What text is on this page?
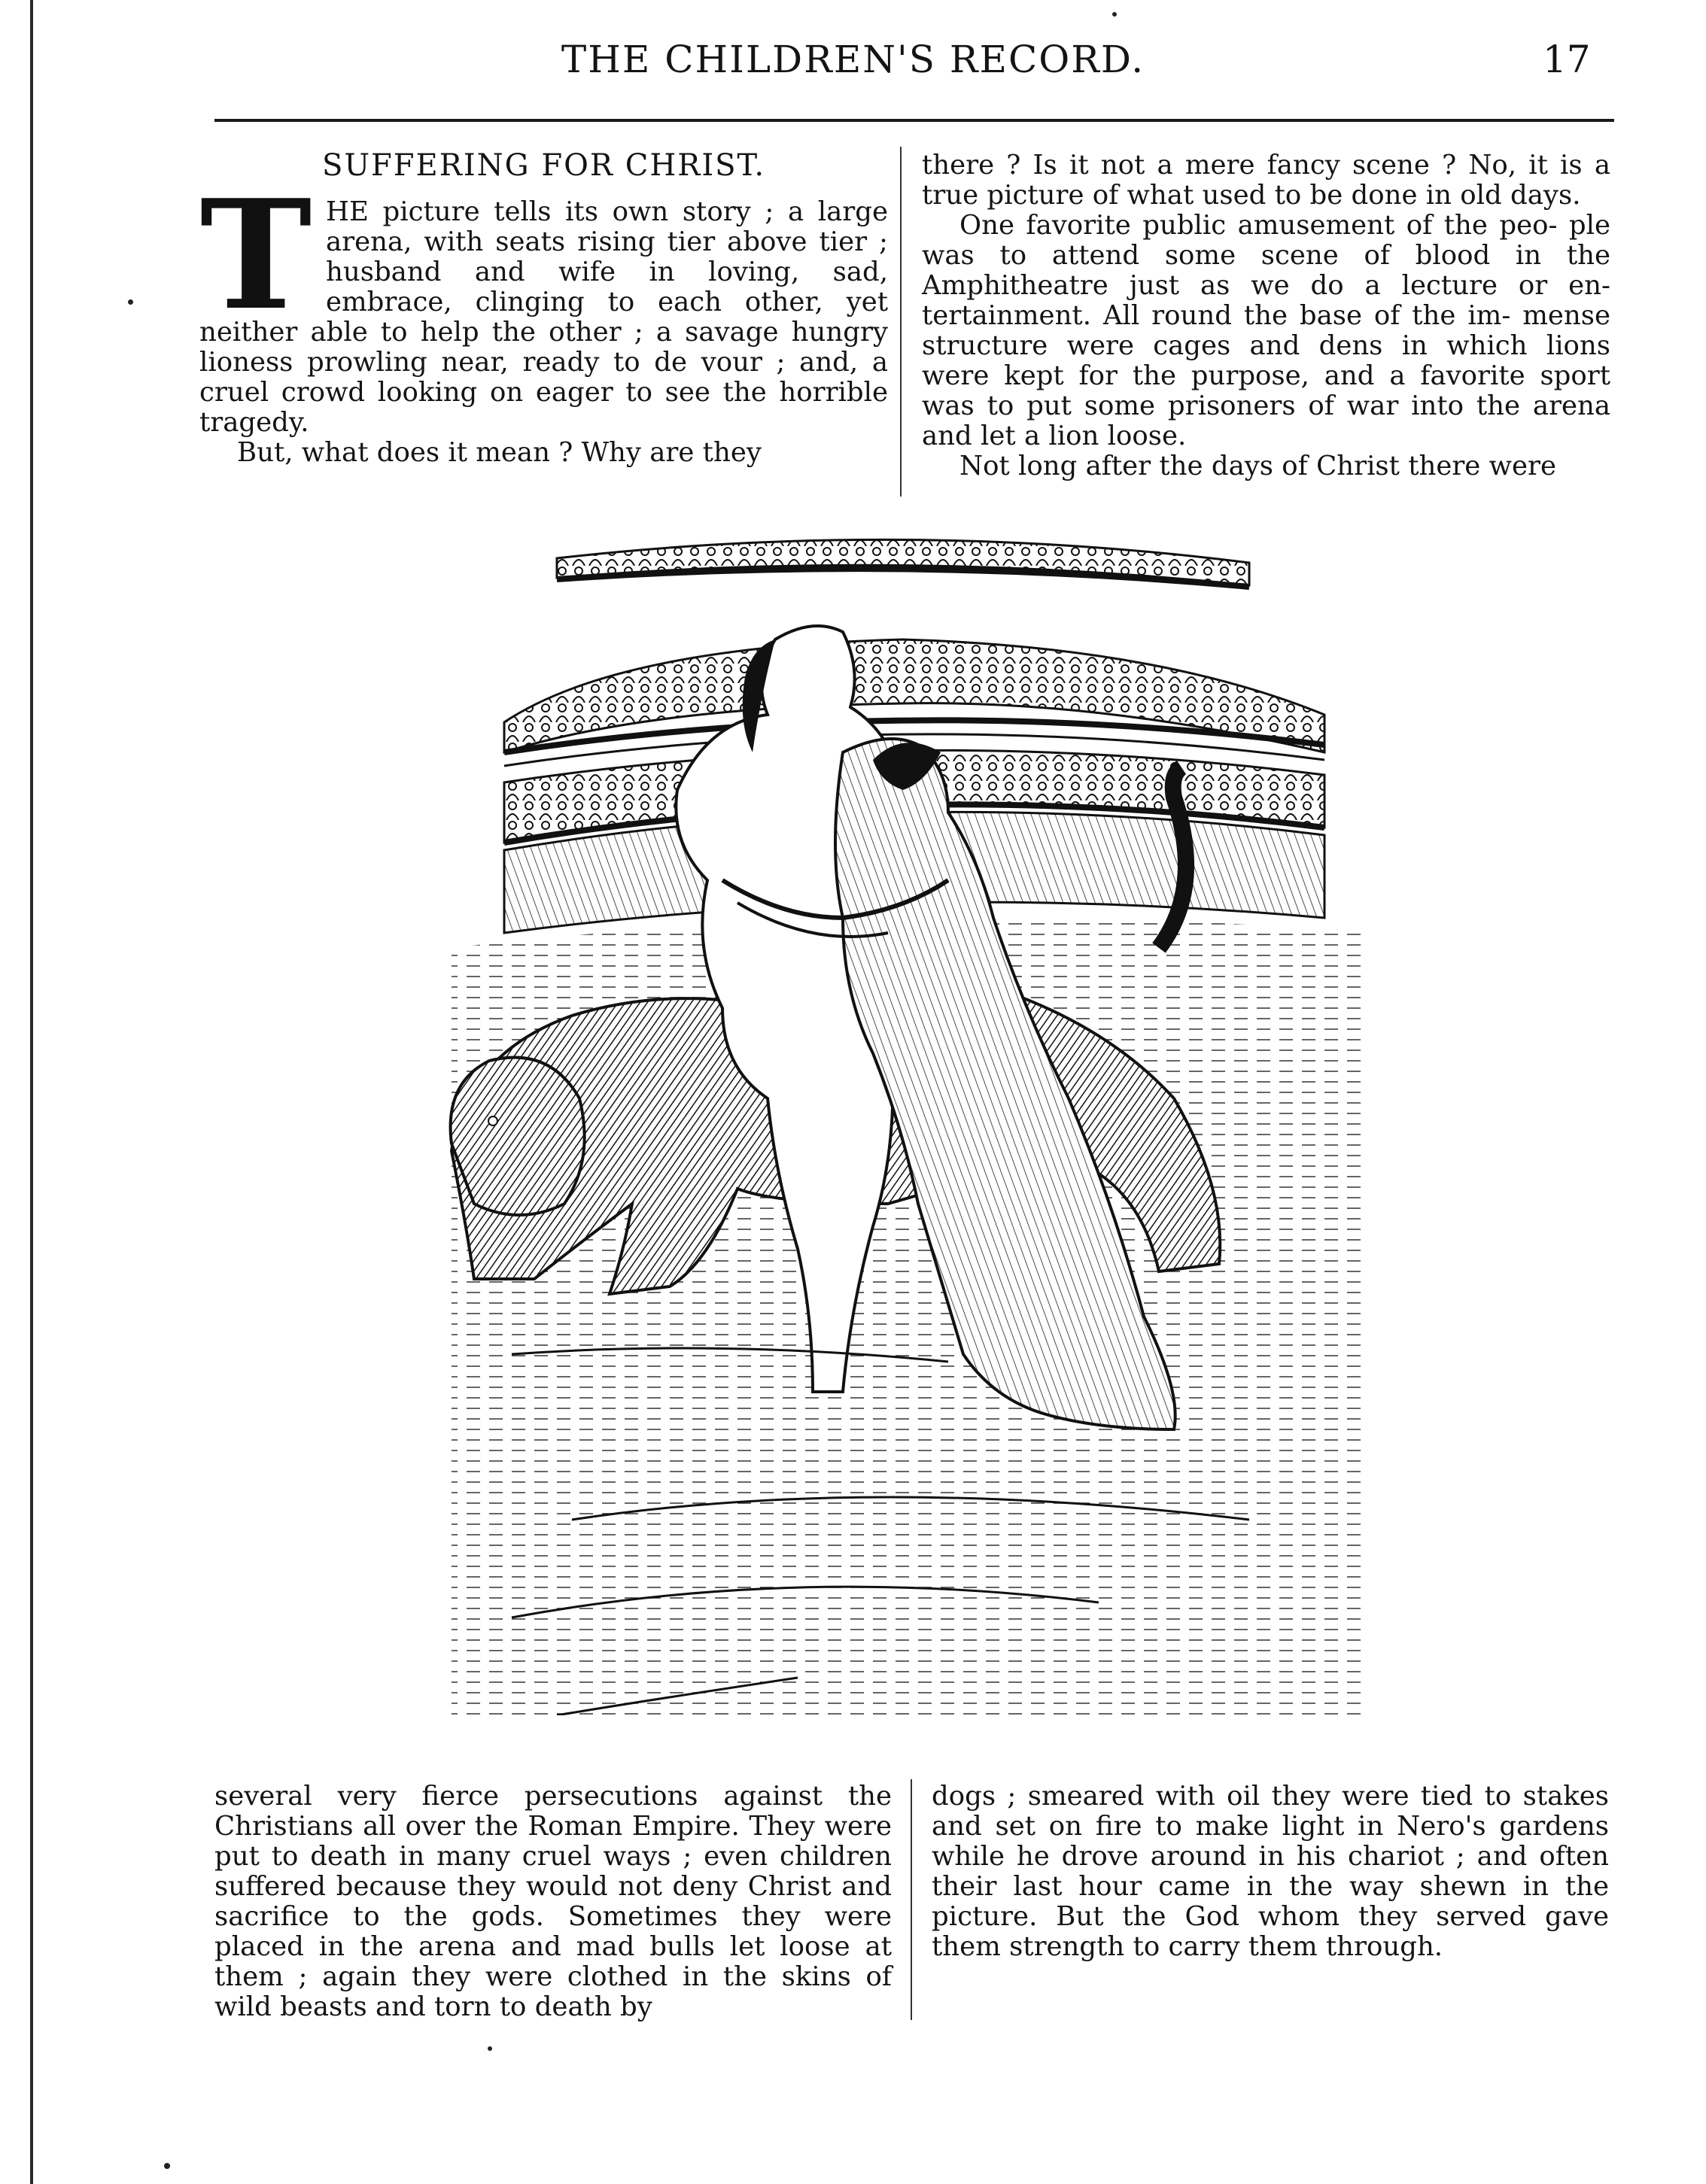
THE CHILDREN'S RECORD.	17

SUFFERING FOR CHRIST.

THE picture tells its own story ; a large arena, with seats rising tier above tier ; husband and wife in loving, sad, embrace, clinging to each other, yet neither able to help the other ; a savage hungry lioness prowling near, ready to de vour ; and, a cruel crowd looking on eager to see the horrible tragedy.

But, what does it mean ? Why are they

there ? Is it not a mere fancy scene ? No, it is a true picture of what used to be done in old days.

One favorite public amusement of the peo- ple was to attend some scene of blood in the Amphitheatre just as we do a lecture or en- tertainment. All round the base of the im- mense structure were cages and dens in which lions were kept for the purpose, and a favorite sport was to put some prisoners of war into the arena and let a lion loose.

Not long after the days of Christ there were

several very fierce persecutions against the Christians all over the Roman Empire. They were put to death in many cruel ways ; even children suffered because they would not deny Christ and sacrifice to the gods. Sometimes they were placed in the arena and mad bulls let loose at them ; again they were clothed in the skins of wild beasts and torn to death by

dogs ; smeared with oil they were tied to stakes and set on fire to make light in Nero's gardens while he drove around in his chariot ; and often their last hour came in the way shewn in the picture. But the God whom they served gave them strength to carry them through.
